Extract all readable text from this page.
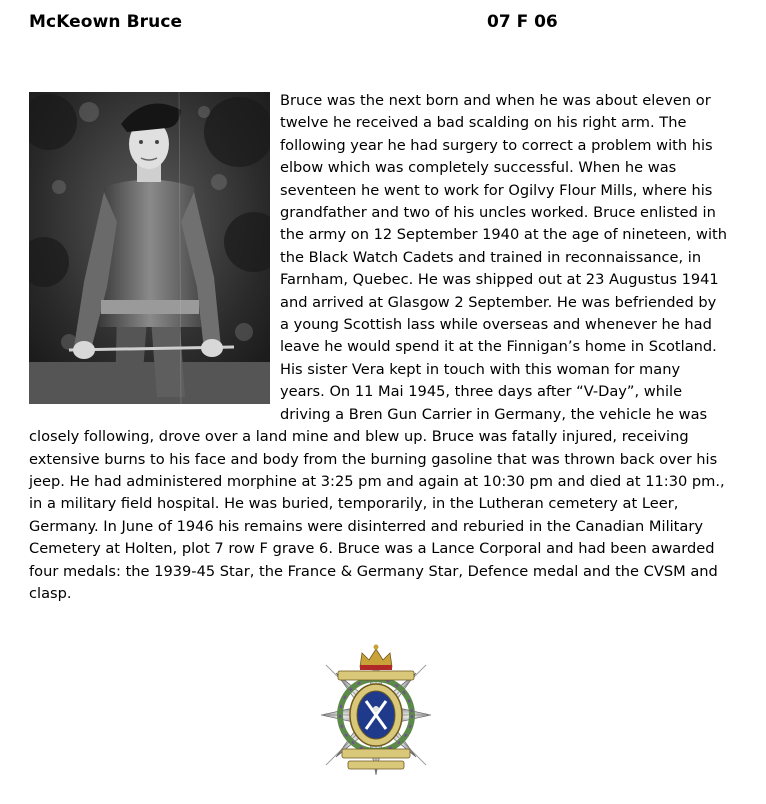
McKeown Bruce	07 F 06

Bruce was the next born and when he was about eleven or twelve he received a bad scalding on his right arm. The following year he had surgery to correct a problem with his elbow which was completely successful. When he was seventeen he went to work for Ogilvy Flour Mills, where his grandfather and two of his uncles worked. Bruce enlisted in the army on 12 September 1940 at the age of nineteen, with the Black Watch Cadets and trained in reconnaissance, in Farnham, Quebec. He was shipped out at 23 Augustus 1941 and arrived at Glasgow 2 September. He was befriended by a young Scottish lass while overseas and whenever he had leave he would spend it at the Finnigan’s home in Scotland. His sister Vera kept in touch with this woman for many years. On 11 Mai 1945, three days after “V-Day”, while driving a Bren Gun Carrier in Germany, the vehicle he was closely following, drove over a land mine and blew up. Bruce was fatally injured, receiving extensive burns to his face and body from the burning gasoline that was thrown back over his jeep. He had administered morphine at 3:25 pm and again at 10:30 pm and died at 11:30 pm., in a military field hospital. He was buried, temporarily, in the Lutheran cemetery at Leer, Germany. In June of 1946 his remains were disinterred and reburied in the Canadian Military Cemetery at Holten, plot 7 row F grave 6. Bruce was a Lance Corporal and had been awarded four medals: the 1939-45 Star, the France & Germany Star, Defence medal and the CVSM and clasp.
